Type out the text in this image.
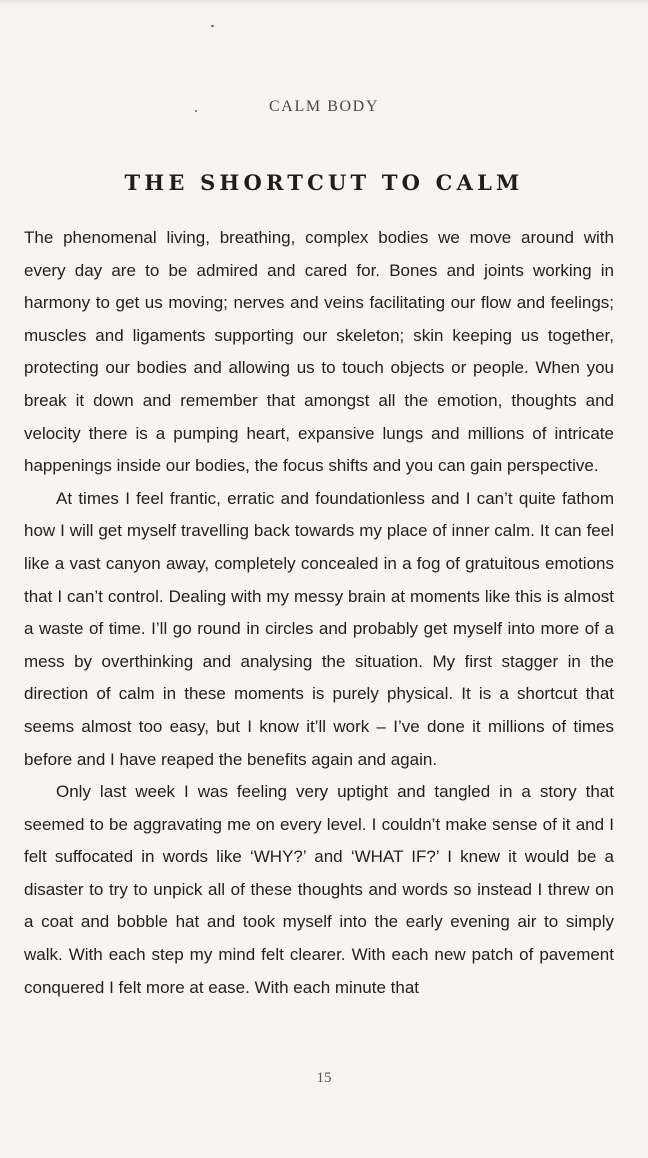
CALM BODY
THE SHORTCUT TO CALM

The phenomenal living, breathing, complex bodies we move around with every day are to be admired and cared for. Bones and joints working in harmony to get us moving; nerves and veins facilitating our flow and feelings; muscles and ligaments supporting our skeleton; skin keeping us together, protecting our bodies and allowing us to touch objects or people. When you break it down and remember that amongst all the emotion, thoughts and velocity there is a pumping heart, expansive lungs and millions of intricate happenings inside our bodies, the focus shifts and you can gain perspective.

At times I feel frantic, erratic and foundationless and I can’t quite fathom how I will get myself travelling back towards my place of inner calm. It can feel like a vast canyon away, completely concealed in a fog of gratuitous emotions that I can’t control. Dealing with my messy brain at moments like this is almost a waste of time. I’ll go round in circles and probably get myself into more of a mess by overthinking and analysing the situation. My first stagger in the direction of calm in these moments is purely physical. It is a shortcut that seems almost too easy, but I know it’ll work – I’ve done it millions of times before and I have reaped the benefits again and again.

Only last week I was feeling very uptight and tangled in a story that seemed to be aggravating me on every level. I couldn’t make sense of it and I felt suffocated in words like ‘WHY?’ and ‘WHAT IF?’ I knew it would be a disaster to try to unpick all of these thoughts and words so instead I threw on a coat and bobble hat and took myself into the early evening air to simply walk. With each step my mind felt clearer. With each new patch of pavement conquered I felt more at ease. With each minute that

15
